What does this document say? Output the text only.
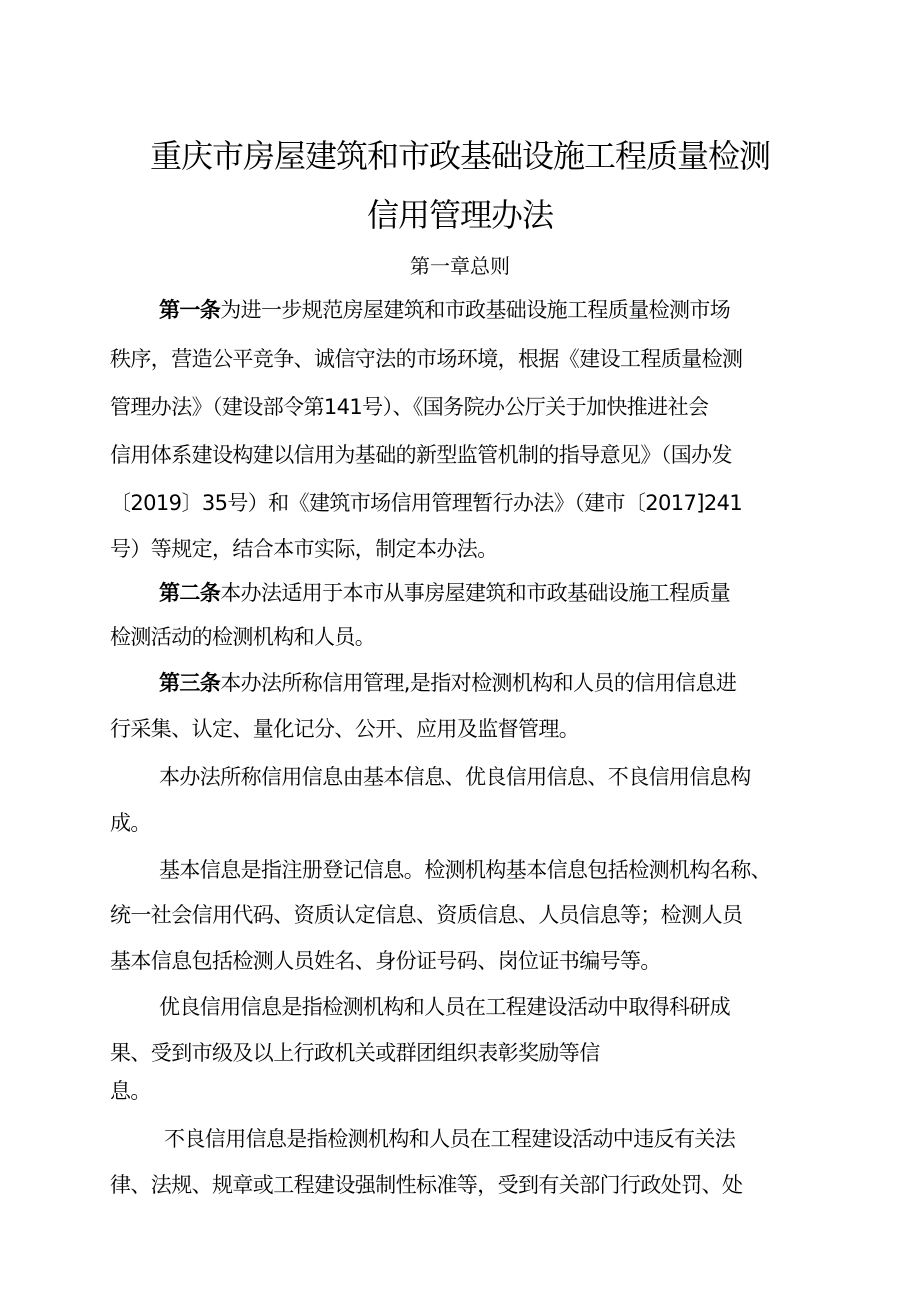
重庆市房屋建筑和市政基础设施工程质量检测
信用管理办法
第一章总则
第一条为进一步规范房屋建筑和市政基础设施工程质量检测市场
秩序，营造公平竞争、诚信守法的市场环境，根据《建设工程质量检测
管理办法》（建设部令第141号）、《国务院办公厅关于加快推进社会
信用体系建设构建以信用为基础的新型监管机制的指导意见》（国办发
〔2019〕35号）和《建筑市场信用管理暂行办法》（建市〔2017]241
号）等规定，结合本市实际，制定本办法。
第二条本办法适用于本市从事房屋建筑和市政基础设施工程质量
检测活动的检测机构和人员。
第三条本办法所称信用管理,是指对检测机构和人员的信用信息进
行采集、认定、量化记分、公开、应用及监督管理。
本办法所称信用信息由基本信息、优良信用信息、不良信用信息构
成。
基本信息是指注册登记信息。检测机构基本信息包括检测机构名称、
统一社会信用代码、资质认定信息、资质信息、人员信息等；检测人员
基本信息包括检测人员姓名、身份证号码、岗位证书编号等。
优良信用信息是指检测机构和人员在工程建设活动中取得科研成
果、受到市级及以上行政机关或群团组织表彰奖励等信
息。
不良信用信息是指检测机构和人员在工程建设活动中违反有关法
律、法规、规章或工程建设强制性标准等，受到有关部门行政处罚、处
